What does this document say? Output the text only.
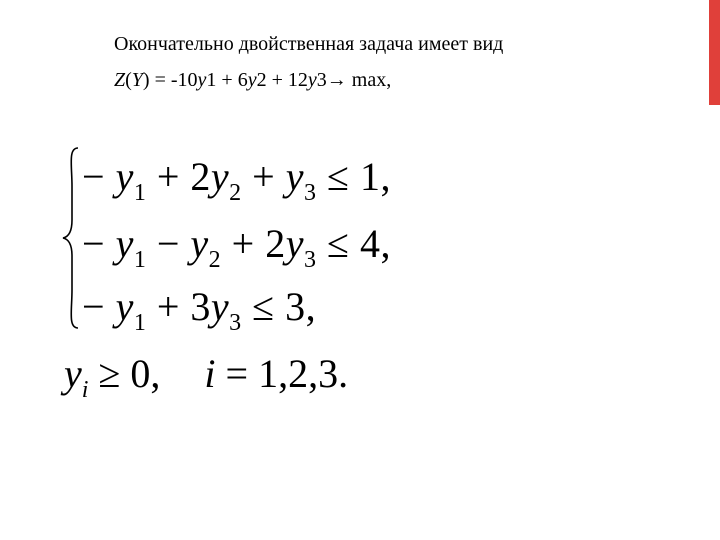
Окончательно двойственная задача имеет вид
Z(Y) = -10y1 + 6y2 + 12y3→ max,
− $y_1 + 2y_2 + y_3 \le 1$,
− $y_1 - y_2 + 2y_3 \le 4$,
− $y_1 + 3y_3 \le 3$,
$y_i \ge 0$, i = 1,2,3.
